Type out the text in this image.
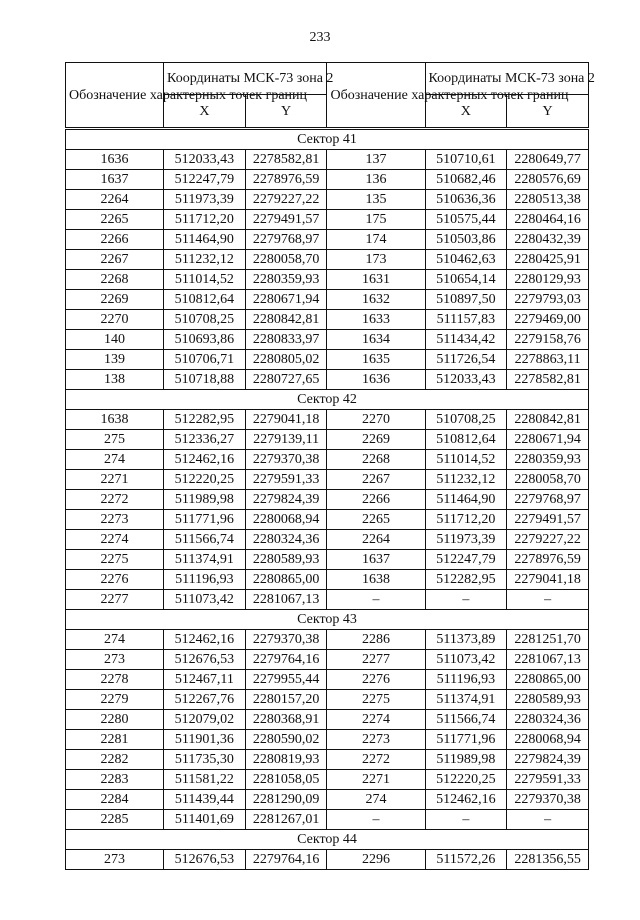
233
Обозначение характерных точек границ	Координаты МСК-73 зона 2		Обозначение характерных точек границ	Координаты МСК-73 зона 2	
	X	Y		X	Y
Сектор 41					
1636	512033,43	2278582,81	137	510710,61	2280649,77
1637	512247,79	2278976,59	136	510682,46	2280576,69
2264	511973,39	2279227,22	135	510636,36	2280513,38
2265	511712,20	2279491,57	175	510575,44	2280464,16
2266	511464,90	2279768,97	174	510503,86	2280432,39
2267	511232,12	2280058,70	173	510462,63	2280425,91
2268	511014,52	2280359,93	1631	510654,14	2280129,93
2269	510812,64	2280671,94	1632	510897,50	2279793,03
2270	510708,25	2280842,81	1633	511157,83	2279469,00
140	510693,86	2280833,97	1634	511434,42	2279158,76
139	510706,71	2280805,02	1635	511726,54	2278863,11
138	510718,88	2280727,65	1636	512033,43	2278582,81
Сектор 42					
1638	512282,95	2279041,18	2270	510708,25	2280842,81
275	512336,27	2279139,11	2269	510812,64	2280671,94
274	512462,16	2279370,38	2268	511014,52	2280359,93
2271	512220,25	2279591,33	2267	511232,12	2280058,70
2272	511989,98	2279824,39	2266	511464,90	2279768,97
2273	511771,96	2280068,94	2265	511712,20	2279491,57
2274	511566,74	2280324,36	2264	511973,39	2279227,22
2275	511374,91	2280589,93	1637	512247,79	2278976,59
2276	511196,93	2280865,00	1638	512282,95	2279041,18
2277	511073,42	2281067,13	–	–	–
Сектор 43					
274	512462,16	2279370,38	2286	511373,89	2281251,70
273	512676,53	2279764,16	2277	511073,42	2281067,13
2278	512467,11	2279955,44	2276	511196,93	2280865,00
2279	512267,76	2280157,20	2275	511374,91	2280589,93
2280	512079,02	2280368,91	2274	511566,74	2280324,36
2281	511901,36	2280590,02	2273	511771,96	2280068,94
2282	511735,30	2280819,93	2272	511989,98	2279824,39
2283	511581,22	2281058,05	2271	512220,25	2279591,33
2284	511439,44	2281290,09	274	512462,16	2279370,38
2285	511401,69	2281267,01	–	–	–
Сектор 44					
273	512676,53	2279764,16	2296	511572,26	2281356,55
